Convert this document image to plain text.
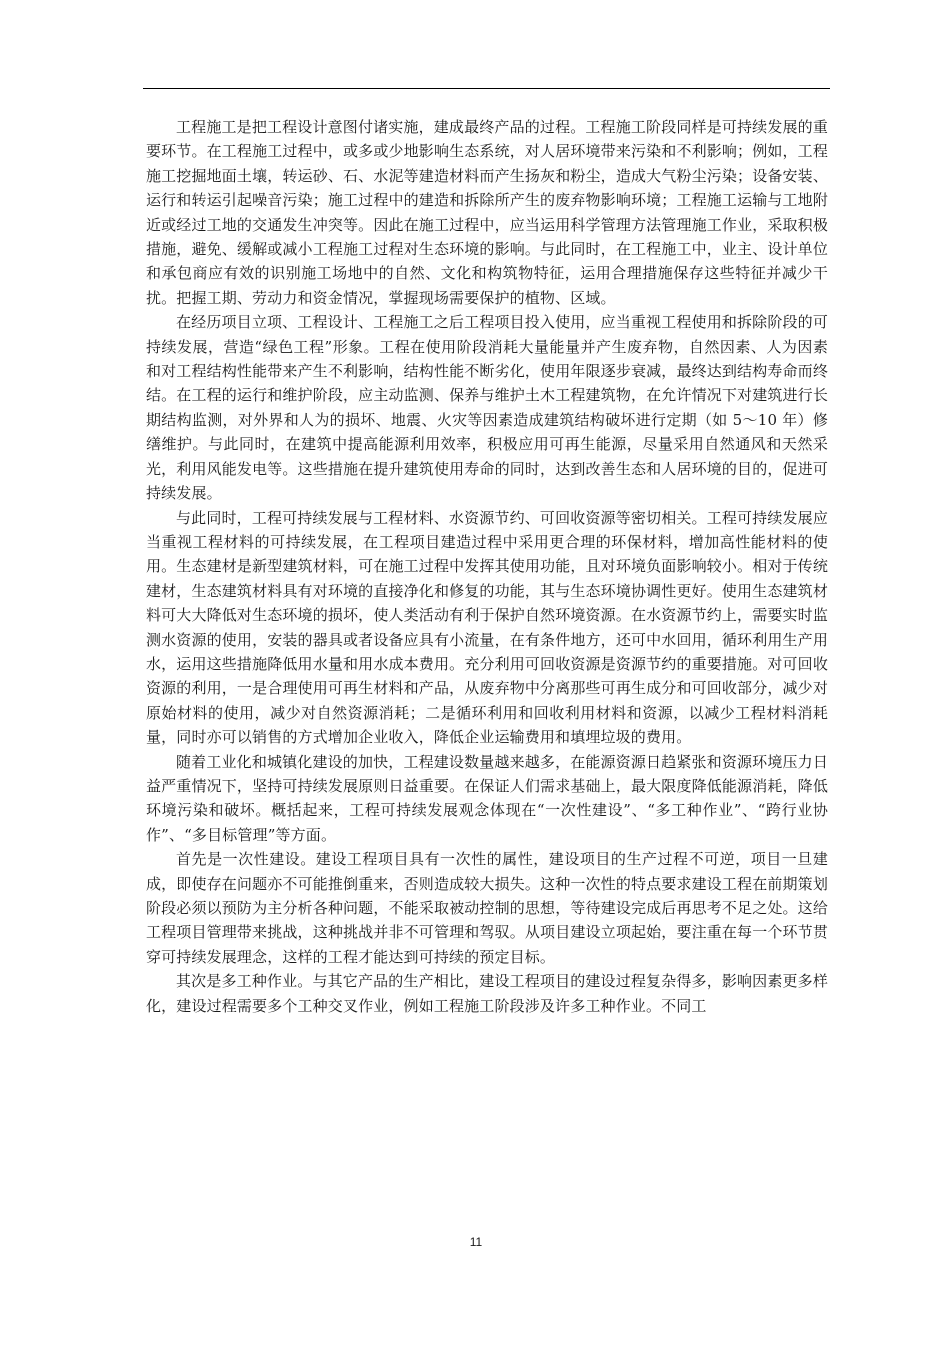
工程施工是把工程设计意图付诸实施，建成最终产品的过程。工程施工阶段同样是可持续发展的重要环节。在工程施工过程中，或多或少地影响生态系统，对人居环境带来污染和不利影响；例如，工程施工挖掘地面土壤，转运砂、石、水泥等建造材料而产生扬灰和粉尘，造成大气粉尘污染；设备安装、运行和转运引起噪音污染；施工过程中的建造和拆除所产生的废弃物影响环境；工程施工运输与工地附近或经过工地的交通发生冲突等。因此在施工过程中，应当运用科学管理方法管理施工作业，采取积极措施，避免、缓解或减小工程施工过程对生态环境的影响。与此同时，在工程施工中，业主、设计单位和承包商应有效的识别施工场地中的自然、文化和构筑物特征，运用合理措施保存这些特征并减少干扰。把握工期、劳动力和资金情况，掌握现场需要保护的植物、区域。

在经历项目立项、工程设计、工程施工之后工程项目投入使用，应当重视工程使用和拆除阶段的可持续发展，营造“绿色工程”形象。工程在使用阶段消耗大量能量并产生废弃物，自然因素、人为因素和对工程结构性能带来产生不利影响，结构性能不断劣化，使用年限逐步衰减，最终达到结构寿命而终结。在工程的运行和维护阶段，应主动监测、保养与维护土木工程建筑物，在允许情况下对建筑进行长期结构监测，对外界和人为的损坏、地震、火灾等因素造成建筑结构破坏进行定期（如 5～10 年）修缮维护。与此同时，在建筑中提高能源利用效率，积极应用可再生能源，尽量采用自然通风和天然采光，利用风能发电等。这些措施在提升建筑使用寿命的同时，达到改善生态和人居环境的目的，促进可持续发展。

与此同时，工程可持续发展与工程材料、水资源节约、可回收资源等密切相关。工程可持续发展应当重视工程材料的可持续发展，在工程项目建造过程中采用更合理的环保材料，增加高性能材料的使用。生态建材是新型建筑材料，可在施工过程中发挥其使用功能，且对环境负面影响较小。相对于传统建材，生态建筑材料具有对环境的直接净化和修复的功能，其与生态环境协调性更好。使用生态建筑材料可大大降低对生态环境的损坏，使人类活动有利于保护自然环境资源。在水资源节约上，需要实时监测水资源的使用，安装的器具或者设备应具有小流量，在有条件地方，还可中水回用，循环利用生产用水，运用这些措施降低用水量和用水成本费用。充分利用可回收资源是资源节约的重要措施。对可回收资源的利用，一是合理使用可再生材料和产品，从废弃物中分离那些可再生成分和可回收部分，减少对原始材料的使用，减少对自然资源消耗；二是循环利用和回收利用材料和资源，以减少工程材料消耗量，同时亦可以销售的方式增加企业收入，降低企业运输费用和填埋垃圾的费用。

随着工业化和城镇化建设的加快，工程建设数量越来越多，在能源资源日趋紧张和资源环境压力日益严重情况下，坚持可持续发展原则日益重要。在保证人们需求基础上，最大限度降低能源消耗，降低环境污染和破坏。概括起来，工程可持续发展观念体现在“一次性建设”、“多工种作业”、“跨行业协作”、“多目标管理”等方面。

首先是一次性建设。建设工程项目具有一次性的属性，建设项目的生产过程不可逆，项目一旦建成，即使存在问题亦不可能推倒重来，否则造成较大损失。这种一次性的特点要求建设工程在前期策划阶段必须以预防为主分析各种问题，不能采取被动控制的思想，等待建设完成后再思考不足之处。这给工程项目管理带来挑战，这种挑战并非不可管理和驾驭。从项目建设立项起始，要注重在每一个环节贯穿可持续发展理念，这样的工程才能达到可持续的预定目标。

其次是多工种作业。与其它产品的生产相比，建设工程项目的建设过程复杂得多，影响因素更多样化，建设过程需要多个工种交叉作业，例如工程施工阶段涉及许多工种作业。不同工

11
